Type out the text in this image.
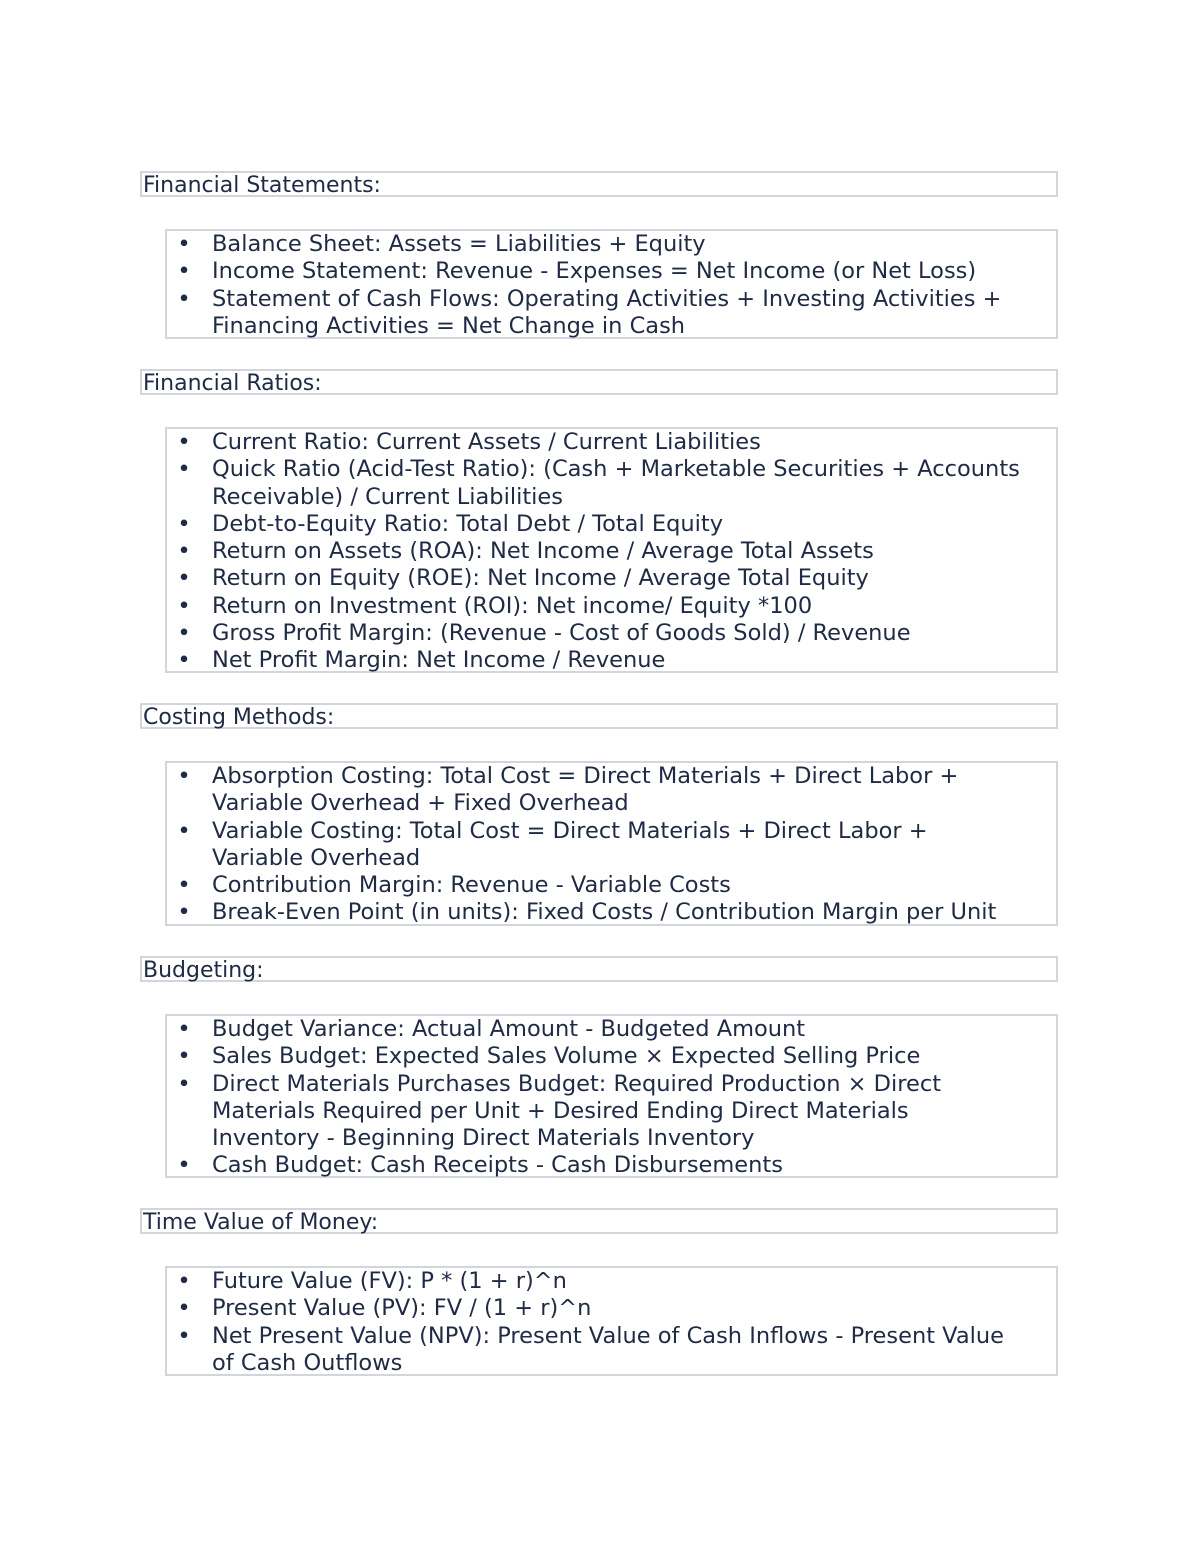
Financial Statements:
• Balance Sheet: Assets = Liabilities + Equity
• Income Statement: Revenue - Expenses = Net Income (or Net Loss)
• Statement of Cash Flows: Operating Activities + Investing Activities +
Financing Activities = Net Change in Cash
Financial Ratios:
• Current Ratio: Current Assets / Current Liabilities
• Quick Ratio (Acid-Test Ratio): (Cash + Marketable Securities + Accounts
Receivable) / Current Liabilities
• Debt-to-Equity Ratio: Total Debt / Total Equity
• Return on Assets (ROA): Net Income / Average Total Assets
• Return on Equity (ROE): Net Income / Average Total Equity
• Return on Investment (ROI): Net income/ Equity *100
• Gross Profit Margin: (Revenue - Cost of Goods Sold) / Revenue
• Net Profit Margin: Net Income / Revenue
Costing Methods:
• Absorption Costing: Total Cost = Direct Materials + Direct Labor +
Variable Overhead + Fixed Overhead
• Variable Costing: Total Cost = Direct Materials + Direct Labor +
Variable Overhead
• Contribution Margin: Revenue - Variable Costs
• Break-Even Point (in units): Fixed Costs / Contribution Margin per Unit
Budgeting:
• Budget Variance: Actual Amount - Budgeted Amount
• Sales Budget: Expected Sales Volume × Expected Selling Price
• Direct Materials Purchases Budget: Required Production × Direct
Materials Required per Unit + Desired Ending Direct Materials
Inventory - Beginning Direct Materials Inventory
• Cash Budget: Cash Receipts - Cash Disbursements
Time Value of Money:
• Future Value (FV): P * (1 + r)^n
• Present Value (PV): FV / (1 + r)^n
• Net Present Value (NPV): Present Value of Cash Inflows - Present Value
of Cash Outflows
